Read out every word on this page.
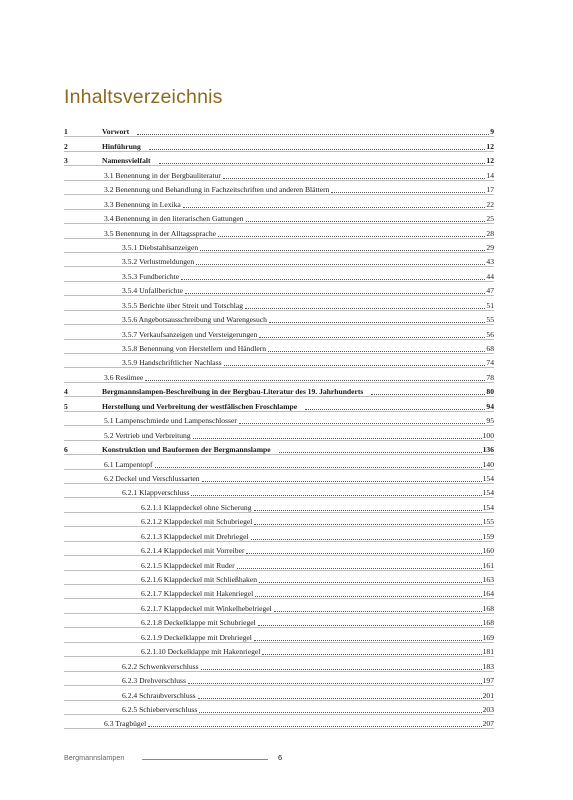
Inhaltsverzeichnis
1	Vorwort	9
2	Hinführung	12
3	Namensvielfalt	12
3.1 Benennung in der Bergbauliteratur	14
3.2 Benennung und Behandlung in Fachzeitschriften und anderen Blättern	17
3.3 Benennung in Lexika	22
3.4 Benennung in den literarischen Gattungen	25
3.5 Benennung in der Alltagssprache	28
3.5.1 Diebstahlsanzeigen	29
3.5.2 Verlustmeldungen	43
3.5.3 Fundberichte	44
3.5.4 Unfallberichte	47
3.5.5 Berichte über Streit und Totschlag	51
3.5.6 Angebotsausschreibung und Warengesuch	55
3.5.7 Verkaufsanzeigen und Versteigerungen	56
3.5.8 Benennung von Herstellern und Händlern	68
3.5.9 Handschriftlicher Nachlass	74
3.6 Resümee	78
4	Bergmannslampen-Beschreibung in der Bergbau-Literatur des 19. Jahrhunderts	80
5	Herstellung und Verbreitung der westfälischen Froschlampe	94
5.1 Lampenschmiede und Lampenschlosser	95
5.2 Vertrieb und Verbreitung	100
6	Konstruktion und Bauformen der Bergmannslampe	136
6.1 Lampentopf	140
6.2 Deckel und Verschlussarten	154
6.2.1 Klappverschluss	154
6.2.1.1 Klappdeckel ohne Sicherung	154
6.2.1.2 Klappdeckel mit Schubriegel	155
6.2.1.3 Klappdeckel mit Drehriegel	159
6.2.1.4 Klappdeckel mit Vorreiber	160
6.2.1.5 Klappdeckel mit Ruder	161
6.2.1.6 Klappdeckel mit Schließhaken	163
6.2.1.7 Klappdeckel mit Hakenriegel	164
6.2.1.7 Klappdeckel mit Winkelhebelriegel	168
6.2.1.8 Deckelklappe mit Schubriegel	168
6.2.1.9 Deckelklappe mit Drehriegel	169
6.2.1.10 Deckelklappe mit Hakenriegel	181
6.2.2 Schwenkverschluss	183
6.2.3 Drehverschluss	197
6.2.4 Schraubverschluss	201
6.2.5 Schieberverschluss	203
6.3 Tragbügel	207
Bergmannslampen	6
